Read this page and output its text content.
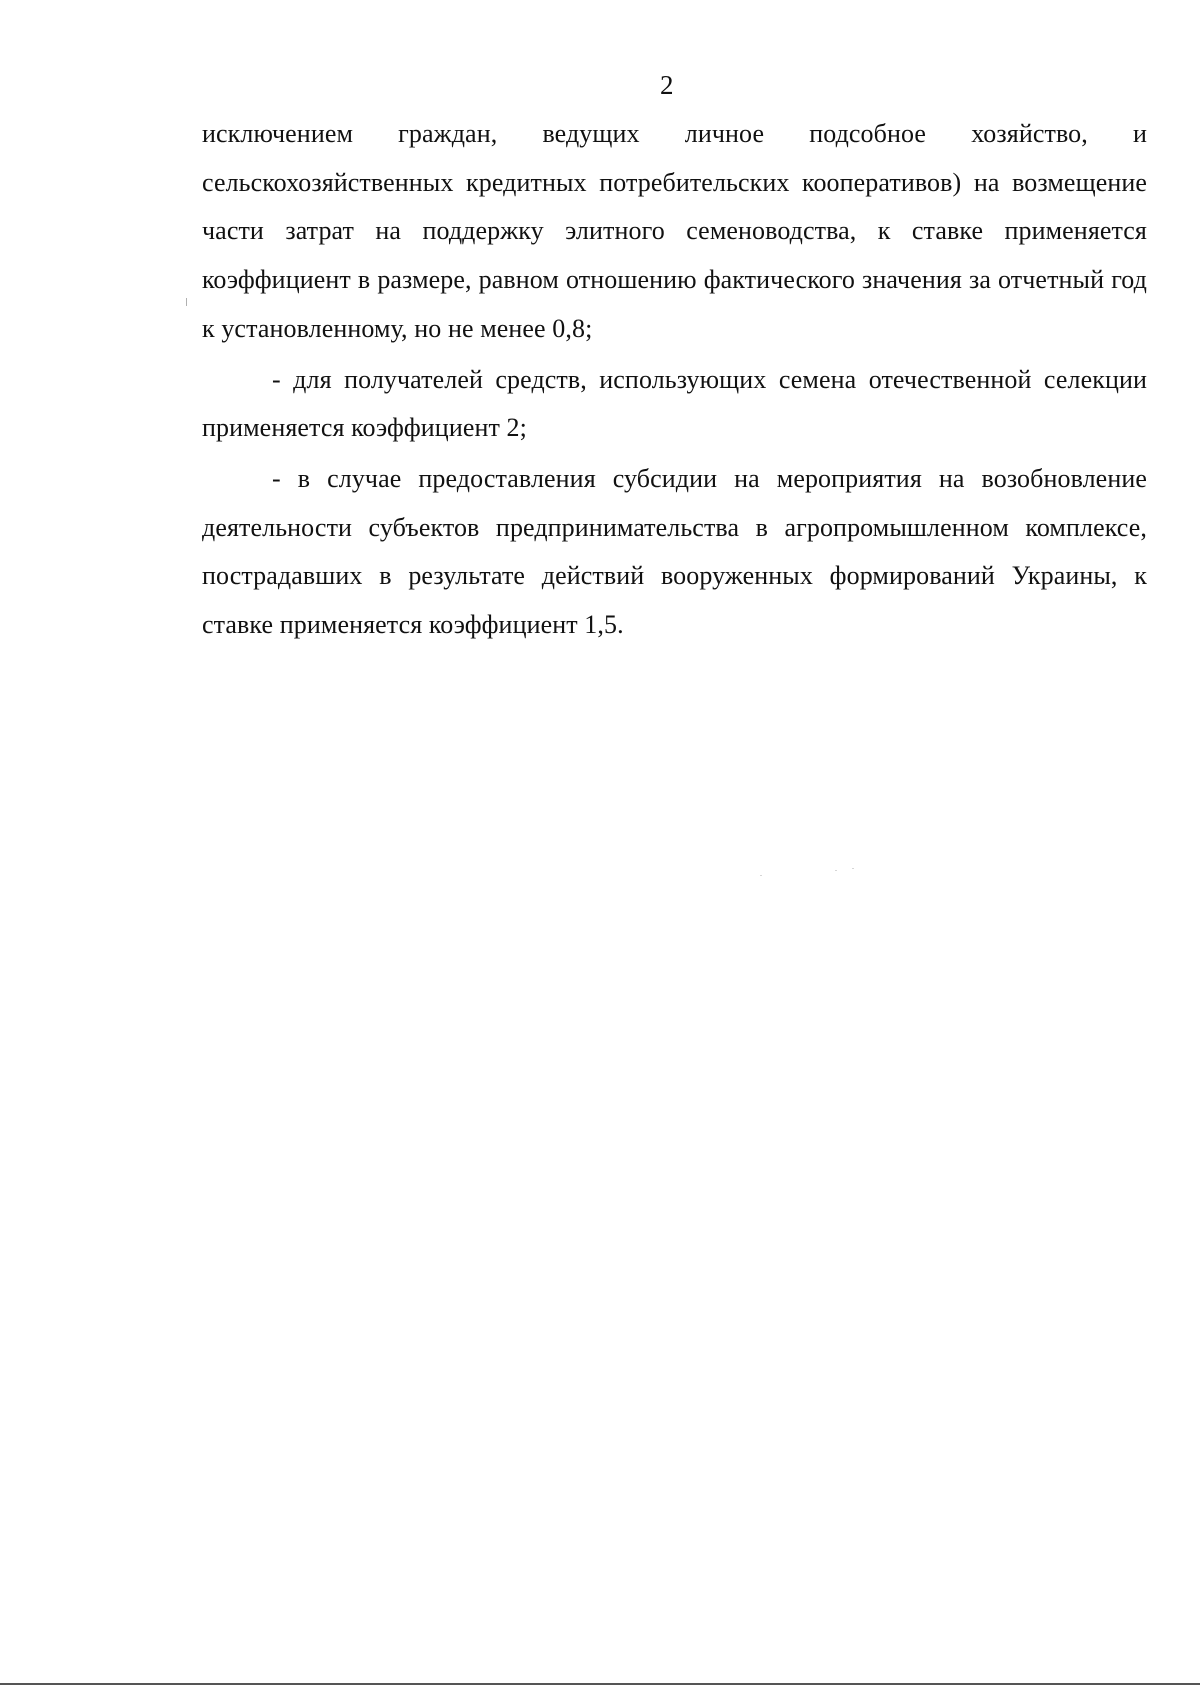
2

исключением граждан, ведущих личное подсобное хозяйство, и сельскохозяйственных кредитных потребительских кооперативов) на возмещение части затрат на поддержку элитного семеноводства, к ставке применяется коэффициент в размере, равном отношению фактического значения за отчетный год к установленному, но не менее 0,8;

- для получателей средств, использующих семена отечественной селекции применяется коэффициент 2;

- в случае предоставления субсидии на мероприятия на возобновление деятельности субъектов предпринимательства в агропромышленном комплексе, пострадавших в результате действий вооруженных формирований Украины, к ставке применяется коэффициент 1,5.
